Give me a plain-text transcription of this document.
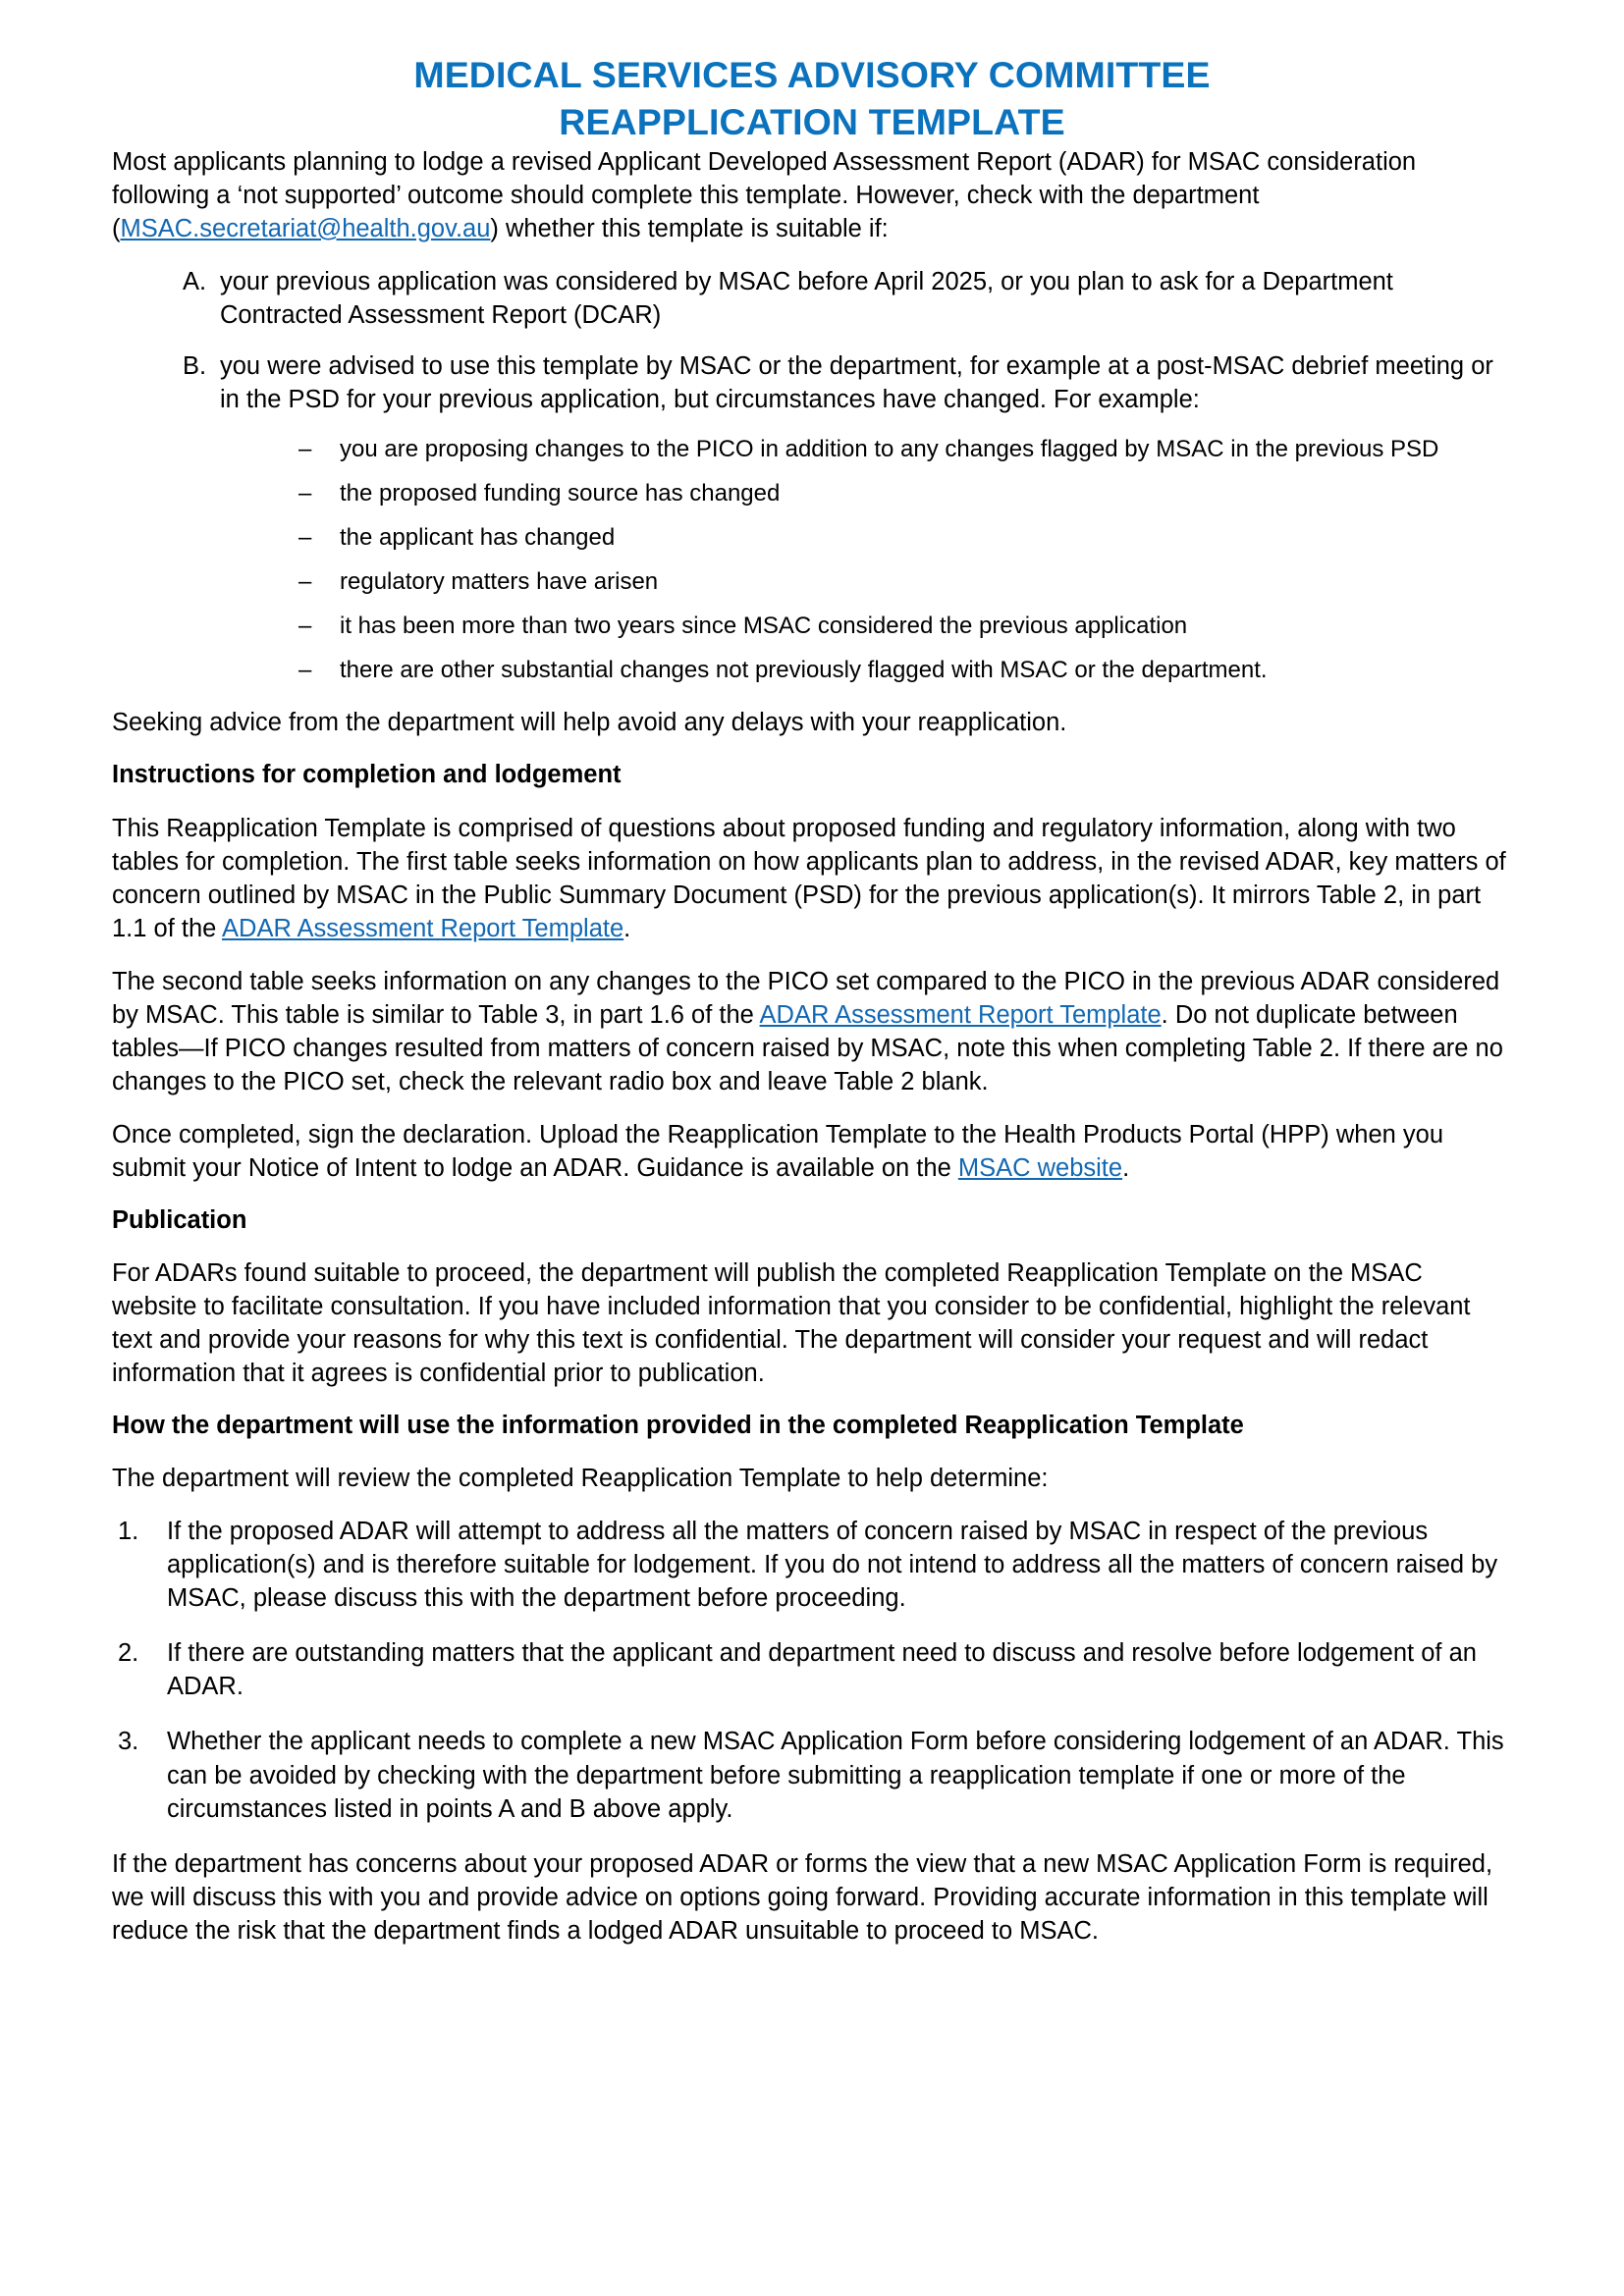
MEDICAL SERVICES ADVISORY COMMITTEE
REAPPLICATION TEMPLATE

Most applicants planning to lodge a revised Applicant Developed Assessment Report (ADAR) for MSAC consideration following a ‘not supported’ outcome should complete this template. However, check with the department (MSAC.secretariat@health.gov.au) whether this template is suitable if:

A. your previous application was considered by MSAC before April 2025, or you plan to ask for a Department Contracted Assessment Report (DCAR)
B. you were advised to use this template by MSAC or the department, for example at a post-MSAC debrief meeting or in the PSD for your previous application, but circumstances have changed. For example:
– you are proposing changes to the PICO in addition to any changes flagged by MSAC in the previous PSD
– the proposed funding source has changed
– the applicant has changed
– regulatory matters have arisen
– it has been more than two years since MSAC considered the previous application
– there are other substantial changes not previously flagged with MSAC or the department.

Seeking advice from the department will help avoid any delays with your reapplication.

Instructions for completion and lodgement

This Reapplication Template is comprised of questions about proposed funding and regulatory information, along with two tables for completion. The first table seeks information on how applicants plan to address, in the revised ADAR, key matters of concern outlined by MSAC in the Public Summary Document (PSD) for the previous application(s). It mirrors Table 2, in part 1.1 of the ADAR Assessment Report Template.

The second table seeks information on any changes to the PICO set compared to the PICO in the previous ADAR considered by MSAC. This table is similar to Table 3, in part 1.6 of the ADAR Assessment Report Template. Do not duplicate between tables—If PICO changes resulted from matters of concern raised by MSAC, note this when completing Table 2. If there are no changes to the PICO set, check the relevant radio box and leave Table 2 blank.

Once completed, sign the declaration. Upload the Reapplication Template to the Health Products Portal (HPP) when you submit your Notice of Intent to lodge an ADAR. Guidance is available on the MSAC website.

Publication

For ADARs found suitable to proceed, the department will publish the completed Reapplication Template on the MSAC website to facilitate consultation. If you have included information that you consider to be confidential, highlight the relevant text and provide your reasons for why this text is confidential. The department will consider your request and will redact information that it agrees is confidential prior to publication.

How the department will use the information provided in the completed Reapplication Template

The department will review the completed Reapplication Template to help determine:

1. If the proposed ADAR will attempt to address all the matters of concern raised by MSAC in respect of the previous application(s) and is therefore suitable for lodgement. If you do not intend to address all the matters of concern raised by MSAC, please discuss this with the department before proceeding.
2. If there are outstanding matters that the applicant and department need to discuss and resolve before lodgement of an ADAR.
3. Whether the applicant needs to complete a new MSAC Application Form before considering lodgement of an ADAR. This can be avoided by checking with the department before submitting a reapplication template if one or more of the circumstances listed in points A and B above apply.

If the department has concerns about your proposed ADAR or forms the view that a new MSAC Application Form is required, we will discuss this with you and provide advice on options going forward. Providing accurate information in this template will reduce the risk that the department finds a lodged ADAR unsuitable to proceed to MSAC.
